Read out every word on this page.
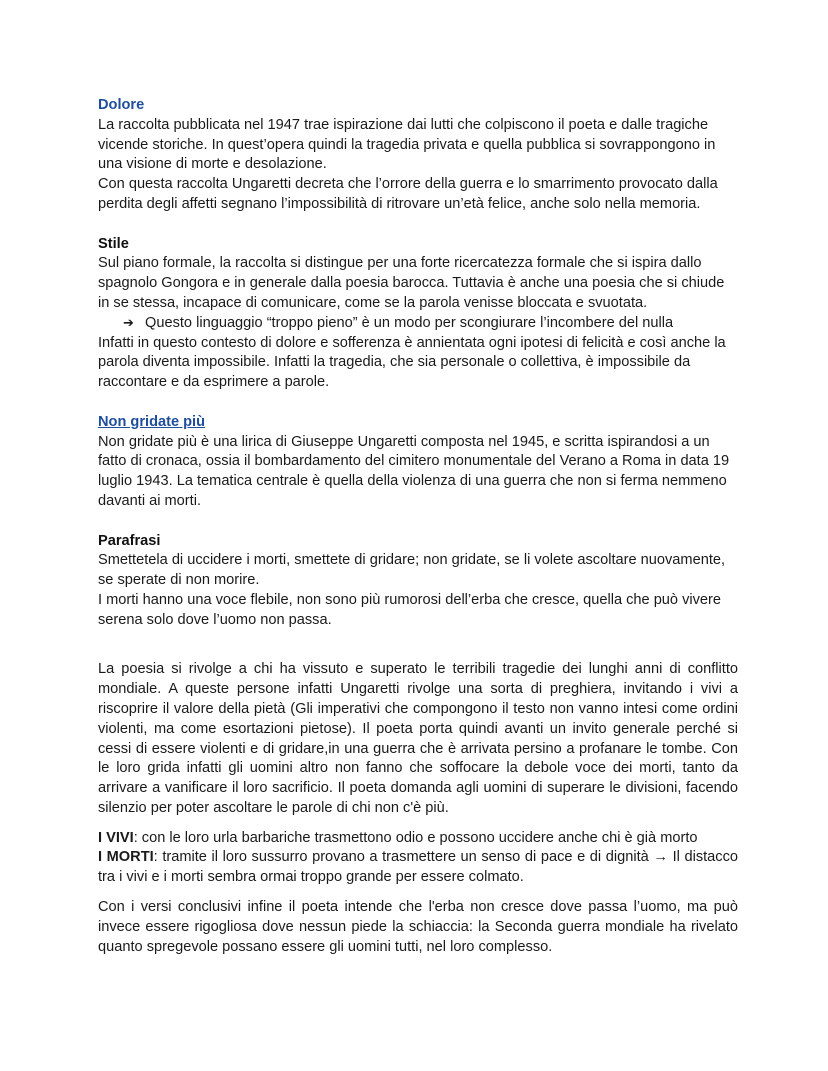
Dolore

La raccolta pubblicata nel 1947 trae ispirazione dai lutti che colpiscono il poeta e dalle tragiche vicende storiche. In quest’opera quindi la tragedia privata e quella pubblica si sovrappongono in una visione di morte e desolazione.

Con questa raccolta Ungaretti decreta che l’orrore della guerra e lo smarrimento provocato dalla perdita degli affetti segnano l’impossibilità di ritrovare un’età felice, anche solo nella memoria.

Stile

Sul piano formale, la raccolta si distingue per una forte ricercatezza formale che si ispira dallo spagnolo Gongora e in generale dalla poesia barocca. Tuttavia è anche una poesia che si chiude in se stessa, incapace di comunicare, come se la parola venisse bloccata e svuotata.

➔ Questo linguaggio “troppo pieno” è un modo per scongiurare l’incombere del nulla

Infatti in questo contesto di dolore e sofferenza è annientata ogni ipotesi di felicità e così anche la parola diventa impossibile. Infatti la tragedia, che sia personale o collettiva, è impossibile da raccontare e da esprimere a parole.

Non gridate più

Non gridate più è una lirica di Giuseppe Ungaretti composta nel 1945, e scritta ispirandosi a un fatto di cronaca, ossia il bombardamento del cimitero monumentale del Verano a Roma in data 19 luglio 1943. La tematica centrale è quella della violenza di una guerra che non si ferma nemmeno davanti ai morti.

Parafrasi

Smettetela di uccidere i morti, smettete di gridare; non gridate, se li volete ascoltare nuovamente, se sperate di non morire.

I morti hanno una voce flebile, non sono più rumorosi dell’erba che cresce, quella che può vivere serena solo dove l’uomo non passa.

La poesia si rivolge a chi ha vissuto e superato le terribili tragedie dei lunghi anni di conflitto mondiale. A queste persone infatti Ungaretti rivolge una sorta di preghiera, invitando i vivi a riscoprire il valore della pietà (Gli imperativi che compongono il testo non vanno intesi come ordini violenti, ma come esortazioni pietose). Il poeta porta quindi avanti un invito generale perché si cessi di essere violenti e di gridare,in una guerra che è arrivata persino a profanare le tombe. Con le loro grida infatti gli uomini altro non fanno che soffocare la debole voce dei morti, tanto da arrivare a vanificare il loro sacrificio. Il poeta domanda agli uomini di superare le divisioni, facendo silenzio per poter ascoltare le parole di chi non c'è più.

I VIVI: con le loro urla barbariche trasmettono odio e possono uccidere anche chi è già morto
I MORTI: tramite il loro sussurro provano a trasmettere un senso di pace e di dignità → Il distacco tra i vivi e i morti sembra ormai troppo grande per essere colmato.

Con i versi conclusivi infine il poeta intende che l'erba non cresce dove passa l’uomo, ma può invece essere rigogliosa dove nessun piede la schiaccia: la Seconda guerra mondiale ha rivelato quanto spregevole possano essere gli uomini tutti, nel loro complesso.
